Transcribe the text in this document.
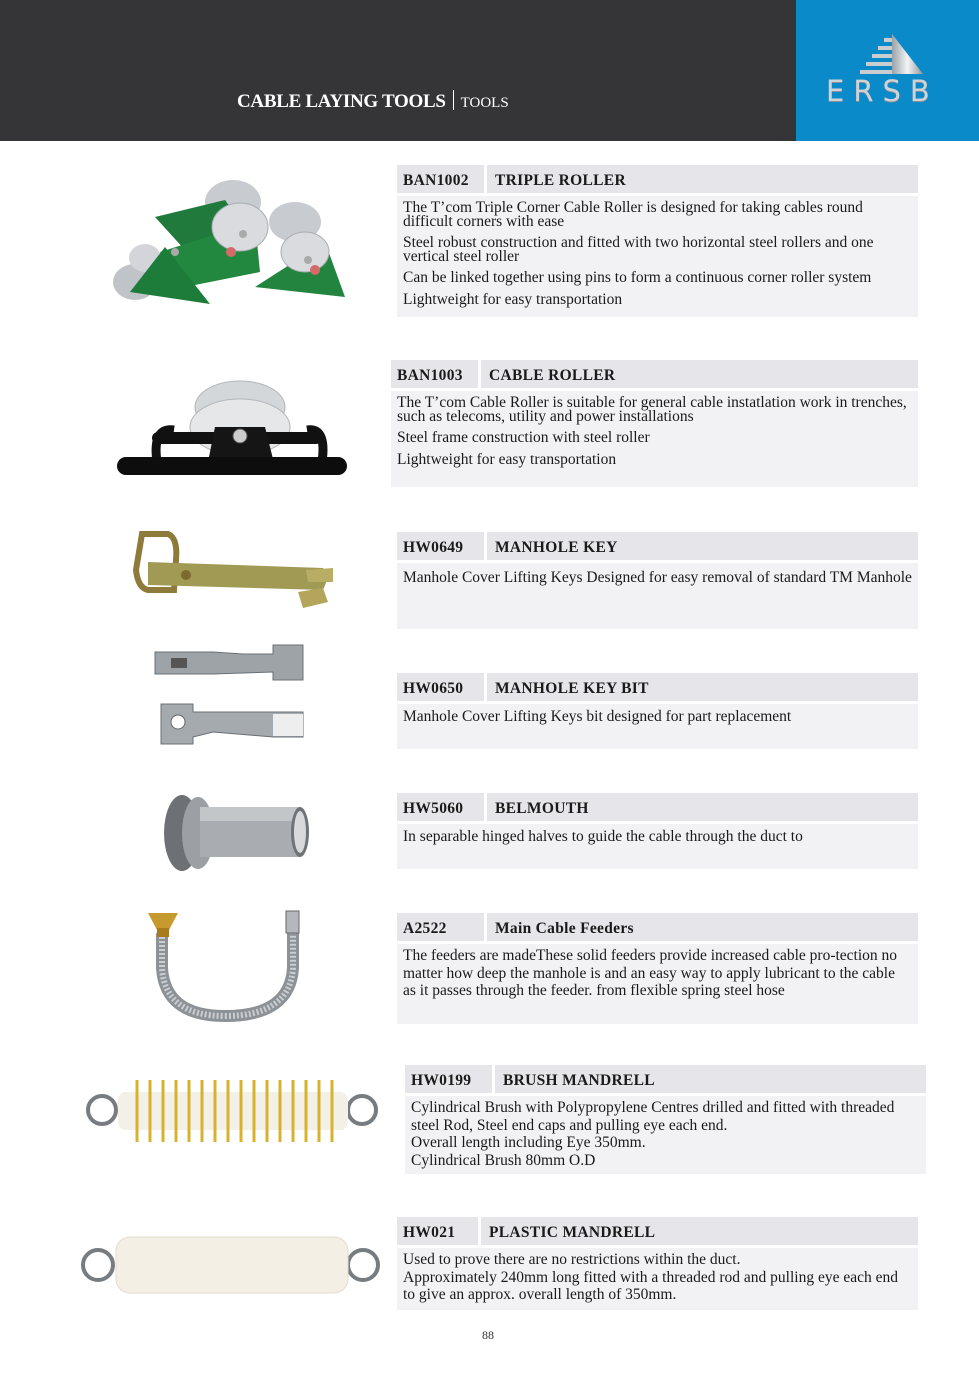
CABLE LAYING TOOLS TOOLS	ERSB
BAN1002	TRIPLE ROLLER
The T’com Triple Corner Cable Roller is designed for taking cables round difficult corners with ease
Steel robust construction and fitted with two horizontal steel rollers and one vertical steel roller
Can be linked together using pins to form a continuous corner roller system
Lightweight for easy transportation
BAN1003	CABLE ROLLER
The T’com Cable Roller is suitable for general cable instatlation work in trenches, such as telecoms, utility and power installations
Steel frame construction with steel roller
Lightweight for easy transportation
HW0649	MANHOLE KEY
Manhole Cover Lifting Keys Designed for easy removal of standard TM Manhole
HW0650	MANHOLE KEY BIT
Manhole Cover Lifting Keys bit designed for part replacement
HW5060	BELMOUTH
In separable hinged halves to guide the cable through the duct to
A2522	Main Cable Feeders
The feeders are madeThese solid feeders provide increased cable pro-tection no matter how deep the manhole is and an easy way to apply lubricant to the cable as it passes through the feeder. from flexible spring steel hose
HW0199	BRUSH MANDRELL
Cylindrical Brush with Polypropylene Centres drilled and fitted with threaded steel Rod, Steel end caps and pulling eye each end.
Overall length including Eye 350mm.
Cylindrical Brush 80mm O.D
HW021	PLASTIC MANDRELL
Used to prove there are no restrictions within the duct.
Approximately 240mm long fitted with a threaded rod and pulling eye each end to give an approx. overall length of 350mm.
88
